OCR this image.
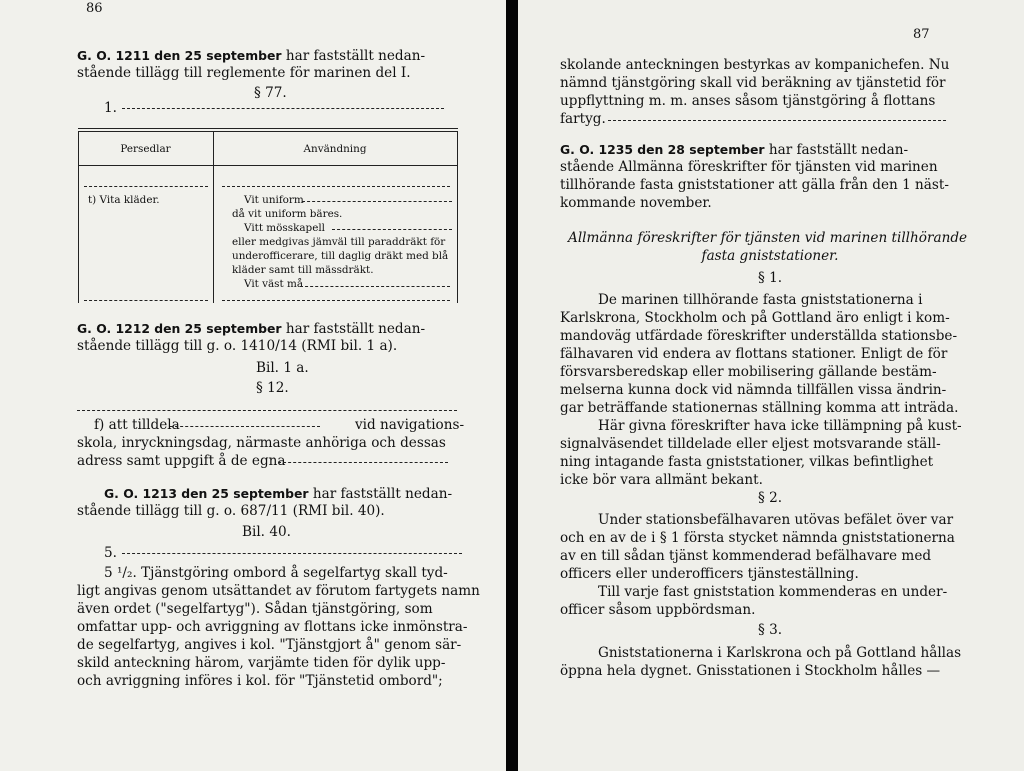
86
G. O. 1211 den 25 september har fastställt nedan-
stående tillägg till reglemente för marinen del I.
§ 77.
1.
Persedlar	Användning
t) Vita kläder.	Vit uniform
då vit uniform bäres.
Vitt mösskapell
eller medgivas jämväl till paraddräkt för
underofficerare, till daglig dräkt med blå
kläder samt till mässdräkt.
Vit väst må
G. O. 1212 den 25 september har fastställt nedan-
stående tillägg till g. o. 1410/14 (RMI bil. 1 a).
Bil. 1 a.
§ 12.
f) att tilldela	vid navigations-
skola, inryckningsdag, närmaste anhöriga och dessas
adress samt uppgift å de egna
G. O. 1213 den 25 september har fastställt nedan-
stående tillägg till g. o. 687/11 (RMI bil. 40).
Bil. 40.
5.
5 ¹/₂. Tjänstgöring ombord å segelfartyg skall tyd-
ligt angivas genom utsättandet av förutom fartygets namn
även ordet ("segelfartyg"). Sådan tjänstgöring, som
omfattar upp- och avriggning av flottans icke inmönstra-
de segelfartyg, angives i kol. "Tjänstgjort å" genom sär-
skild anteckning härom, varjämte tiden för dylik upp-
och avriggning införes i kol. för "Tjänstetid ombord";
87
skolande anteckningen bestyrkas av kompanichefen. Nu
nämnd tjänstgöring skall vid beräkning av tjänstetid för
uppflyttning m. m. anses såsom tjänstgöring å flottans
fartyg.
G. O. 1235 den 28 september har fastställt nedan-
stående Allmänna föreskrifter för tjänsten vid marinen
tillhörande fasta gniststationer att gälla från den 1 näst-
kommande november.
Allmänna föreskrifter för tjänsten vid marinen tillhörande
fasta gniststationer.
§ 1.
De marinen tillhörande fasta gniststationerna i
Karlskrona, Stockholm och på Gottland äro enligt i kom-
mandoväg utfärdade föreskrifter underställda stationsbe-
fälhavaren vid endera av flottans stationer. Enligt de för
försvarsberedskap eller mobilisering gällande bestäm-
melserna kunna dock vid nämnda tillfällen vissa ändrin-
gar beträffande stationernas ställning komma att inträda.
Här givna föreskrifter hava icke tillämpning på kust-
signalväsendet tilldelade eller eljest motsvarande ställ-
ning intagande fasta gniststationer, vilkas befintlighet
icke bör vara allmänt bekant.
§ 2.
Under stationsbefälhavaren utövas befälet över var
och en av de i § 1 första stycket nämnda gniststationerna
av en till sådan tjänst kommenderad befälhavare med
officers eller underofficers tjänsteställning.
Till varje fast gniststation kommenderas en under-
officer såsom uppbördsman.
§ 3.
Gniststationerna i Karlskrona och på Gottland hållas
öppna hela dygnet. Gnisstationen i Stockholm hålles —
